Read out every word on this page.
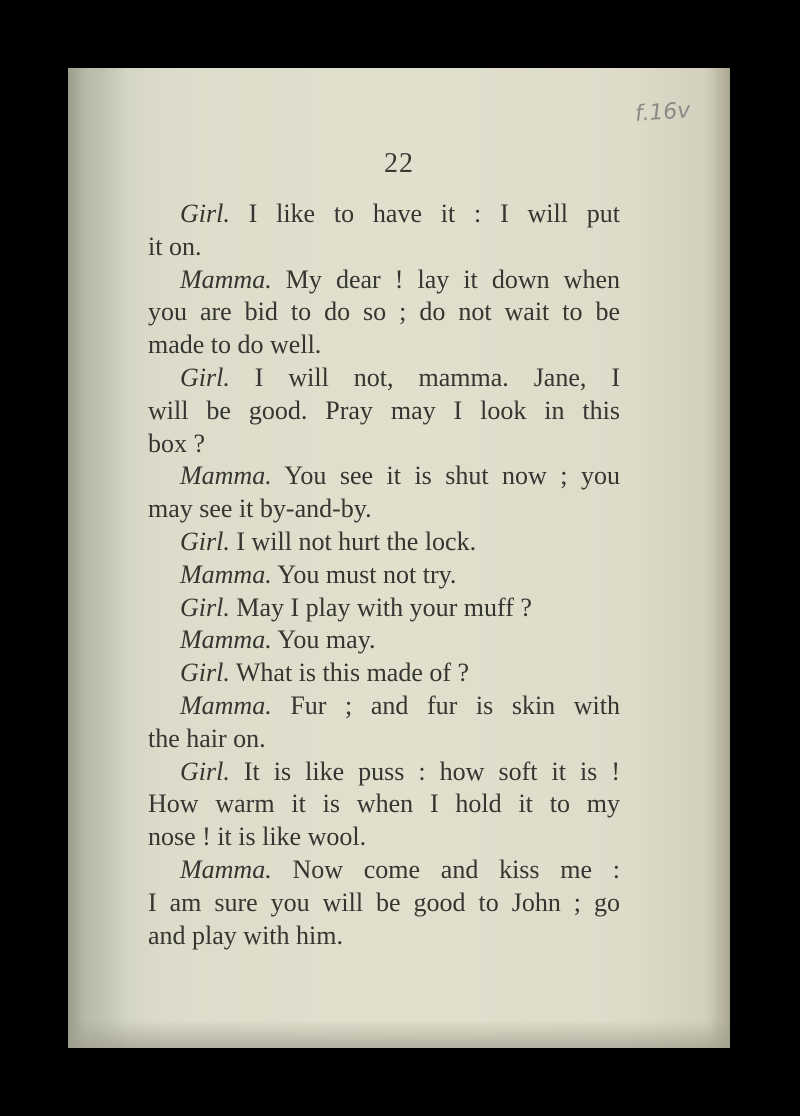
f.16v
22
Girl. I like to have it : I will put
it on.
Mamma. My dear ! lay it down when
you are bid to do so ; do not wait to be
made to do well.
Girl. I will not, mamma. Jane, I
will be good. Pray may I look in this
box ?
Mamma. You see it is shut now ; you
may see it by-and-by.
Girl. I will not hurt the lock.
Mamma. You must not try.
Girl. May I play with your muff ?
Mamma. You may.
Girl. What is this made of ?
Mamma. Fur ; and fur is skin with
the hair on.
Girl. It is like puss : how soft it is !
How warm it is when I hold it to my
nose ! it is like wool.
Mamma. Now come and kiss me :
I am sure you will be good to John ; go
and play with him.
